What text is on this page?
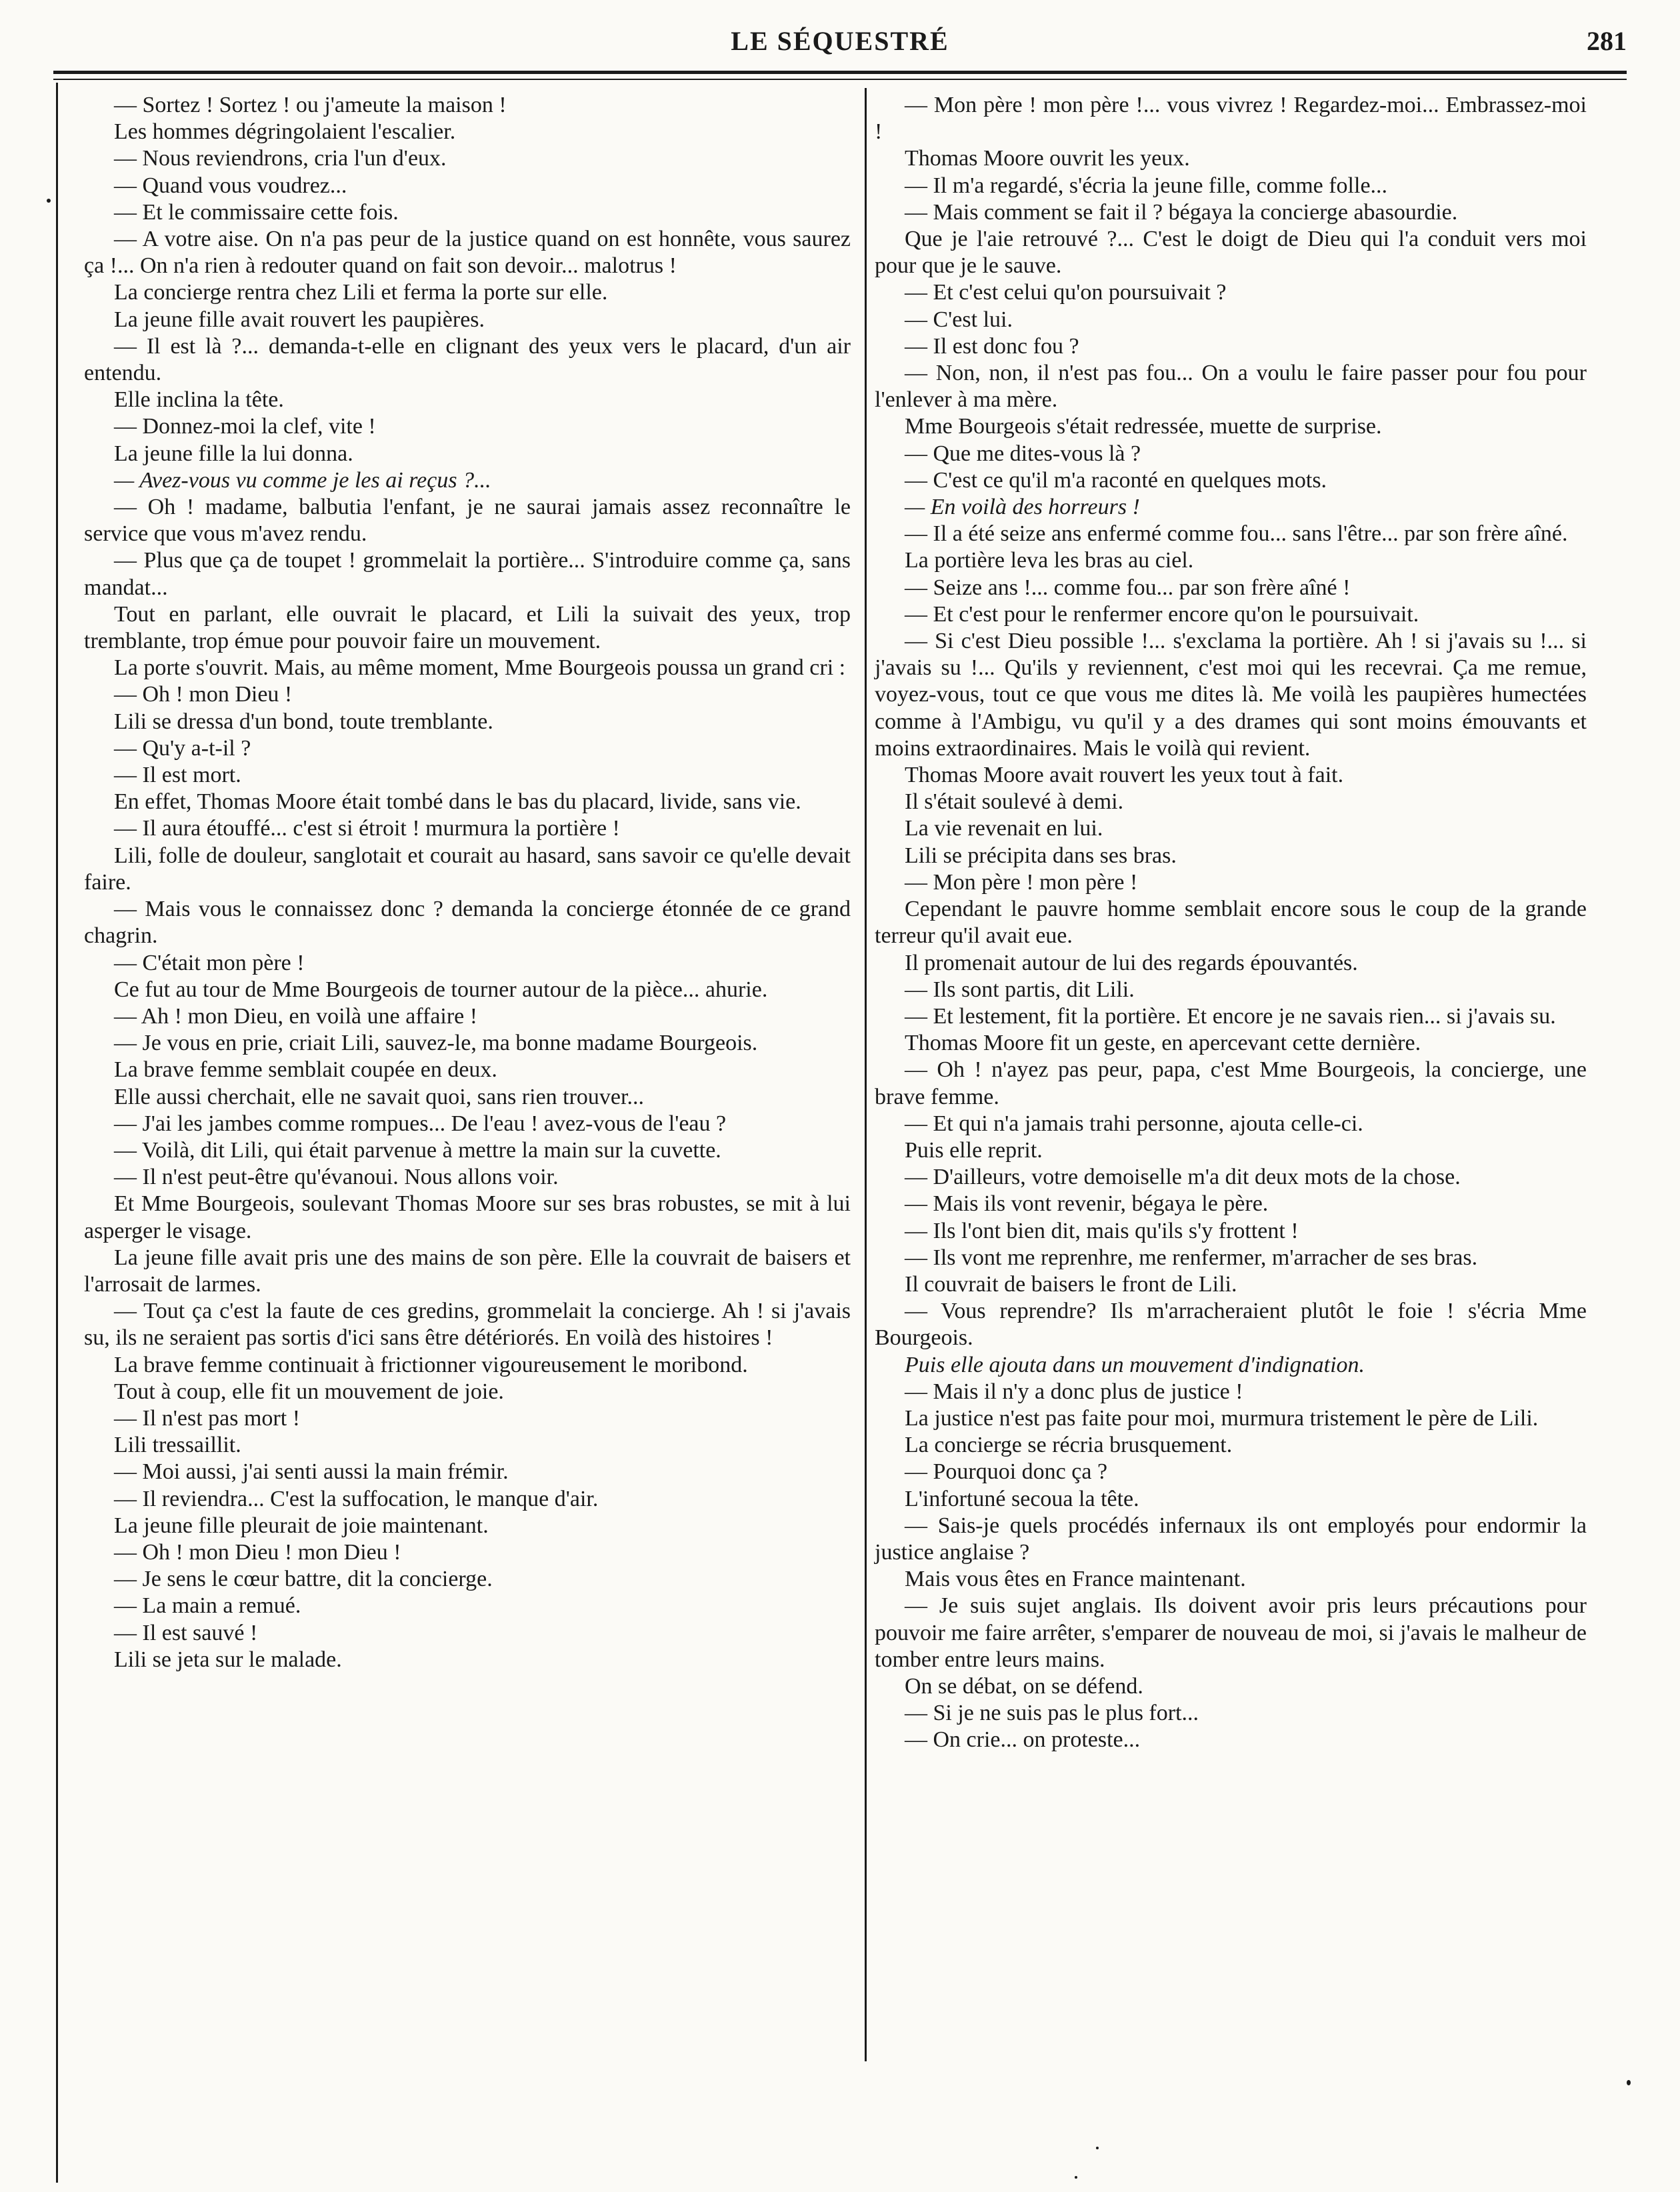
LE SÉQUESTRÉ	281

— Sortez ! Sortez ! ou j'ameute la maison !

Les hommes dégringolaient l'escalier.

— Nous reviendrons, cria l'un d'eux.

— Quand vous voudrez...

— Et le commissaire cette fois.

— A votre aise. On n'a pas peur de la justice quand on est honnête, vous saurez ça !... On n'a rien à redouter quand on fait son devoir... malotrus !

La concierge rentra chez Lili et ferma la porte sur elle.

La jeune fille avait rouvert les paupières.

— Il est là ?... demanda-t-elle en clignant des yeux vers le placard, d'un air entendu.

Elle inclina la tête.

— Donnez-moi la clef, vite !

La jeune fille la lui donna.

— Avez-vous vu comme je les ai reçus ?...

— Oh ! madame, balbutia l'enfant, je ne saurai jamais assez reconnaître le service que vous m'avez rendu.

— Plus que ça de toupet ! grommelait la portière... S'introduire comme ça, sans mandat...

Tout en parlant, elle ouvrait le placard, et Lili la suivait des yeux, trop tremblante, trop émue pour pouvoir faire un mouvement.

La porte s'ouvrit. Mais, au même moment, Mme Bourgeois poussa un grand cri :

— Oh ! mon Dieu !

Lili se dressa d'un bond, toute tremblante.

— Qu'y a-t-il ?

— Il est mort.

En effet, Thomas Moore était tombé dans le bas du placard, livide, sans vie.

— Il aura étouffé... c'est si étroit ! murmura la portière !

Lili, folle de douleur, sanglotait et courait au hasard, sans savoir ce qu'elle devait faire.

— Mais vous le connaissez donc ? demanda la concierge étonnée de ce grand chagrin.

— C'était mon père !

Ce fut au tour de Mme Bourgeois de tourner autour de la pièce... ahurie.

— Ah ! mon Dieu, en voilà une affaire !

— Je vous en prie, criait Lili, sauvez-le, ma bonne madame Bourgeois.

La brave femme semblait coupée en deux.

Elle aussi cherchait, elle ne savait quoi, sans rien trouver...

— J'ai les jambes comme rompues... De l'eau ! avez-vous de l'eau ?

— Voilà, dit Lili, qui était parvenue à mettre la main sur la cuvette.

— Il n'est peut-être qu'évanoui. Nous allons voir.

Et Mme Bourgeois, soulevant Thomas Moore sur ses bras robustes, se mit à lui asperger le visage.

La jeune fille avait pris une des mains de son père. Elle la couvrait de baisers et l'arrosait de larmes.

— Tout ça c'est la faute de ces gredins, grommelait la concierge. Ah ! si j'avais su, ils ne seraient pas sortis d'ici sans être détériorés. En voilà des histoires !

La brave femme continuait à frictionner vigoureusement le moribond.

Tout à coup, elle fit un mouvement de joie.

— Il n'est pas mort !

Lili tressaillit.

— Moi aussi, j'ai senti aussi la main frémir.

— Il reviendra... C'est la suffocation, le manque d'air.

La jeune fille pleurait de joie maintenant.

— Oh ! mon Dieu ! mon Dieu !

— Je sens le cœur battre, dit la concierge.

— La main a remué.

— Il est sauvé !

Lili se jeta sur le malade.

— Mon père ! mon père !... vous vivrez ! Regardez-moi... Embrassez-moi !

Thomas Moore ouvrit les yeux.

— Il m'a regardé, s'écria la jeune fille, comme folle...

— Mais comment se fait il ? bégaya la concierge abasourdie.

Que je l'aie retrouvé ?... C'est le doigt de Dieu qui l'a conduit vers moi pour que je le sauve.

— Et c'est celui qu'on poursuivait ?

— C'est lui.

— Il est donc fou ?

— Non, non, il n'est pas fou... On a voulu le faire passer pour fou pour l'enlever à ma mère.

Mme Bourgeois s'était redressée, muette de surprise.

— Que me dites-vous là ?

— C'est ce qu'il m'a raconté en quelques mots.

— En voilà des horreurs !

— Il a été seize ans enfermé comme fou... sans l'être... par son frère aîné.

La portière leva les bras au ciel.

— Seize ans !... comme fou... par son frère aîné !

— Et c'est pour le renfermer encore qu'on le poursuivait.

— Si c'est Dieu possible !... s'exclama la portière. Ah ! si j'avais su !... si j'avais su !... Qu'ils y reviennent, c'est moi qui les recevrai. Ça me remue, voyez-vous, tout ce que vous me dites là. Me voilà les paupières humectées comme à l'Ambigu, vu qu'il y a des drames qui sont moins émouvants et moins extraordinaires. Mais le voilà qui revient.

Thomas Moore avait rouvert les yeux tout à fait.

Il s'était soulevé à demi.

La vie revenait en lui.

Lili se précipita dans ses bras.

— Mon père ! mon père !

Cependant le pauvre homme semblait encore sous le coup de la grande terreur qu'il avait eue.

Il promenait autour de lui des regards épouvantés.

— Ils sont partis, dit Lili.

— Et lestement, fit la portière. Et encore je ne savais rien... si j'avais su.

Thomas Moore fit un geste, en apercevant cette dernière.

— Oh ! n'ayez pas peur, papa, c'est Mme Bourgeois, la concierge, une brave femme.

— Et qui n'a jamais trahi personne, ajouta celle-ci.

Puis elle reprit.

— D'ailleurs, votre demoiselle m'a dit deux mots de la chose.

— Mais ils vont revenir, bégaya le père.

— Ils l'ont bien dit, mais qu'ils s'y frottent !

— Ils vont me reprenhre, me renfermer, m'arracher de ses bras.

Il couvrait de baisers le front de Lili.

— Vous reprendre? Ils m'arracheraient plutôt le foie ! s'écria Mme Bourgeois.

Puis elle ajouta dans un mouvement d'indignation.

— Mais il n'y a donc plus de justice !

La justice n'est pas faite pour moi, murmura tristement le père de Lili.

La concierge se récria brusquement.

— Pourquoi donc ça ?

L'infortuné secoua la tête.

— Sais-je quels procédés infernaux ils ont employés pour endormir la justice anglaise ?

Mais vous êtes en France maintenant.

— Je suis sujet anglais. Ils doivent avoir pris leurs précautions pour pouvoir me faire arrêter, s'emparer de nouveau de moi, si j'avais le malheur de tomber entre leurs mains.

On se débat, on se défend.

— Si je ne suis pas le plus fort...

— On crie... on proteste...
